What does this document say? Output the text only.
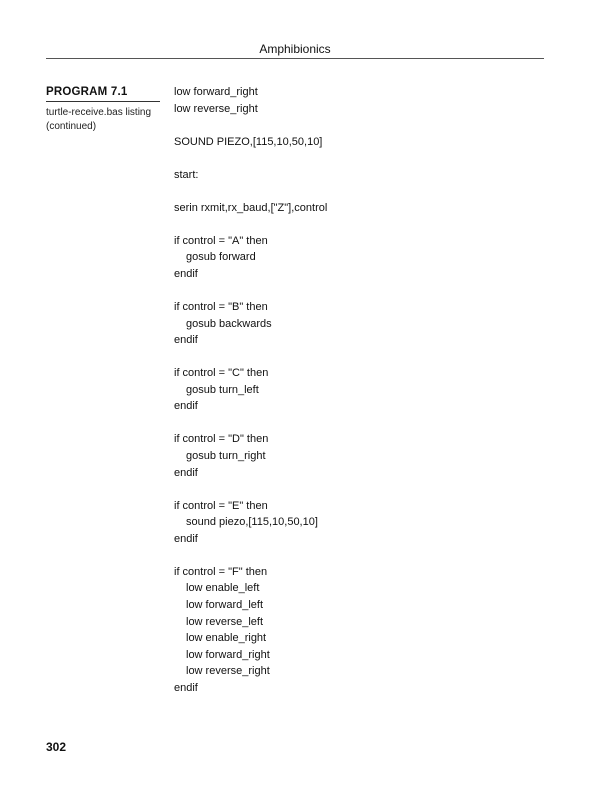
Amphibionics
PROGRAM 7.1
turtle-receive.bas listing (continued)
low forward_right
low reverse_right
SOUND PIEZO,[115,10,50,10]
start:
serin rxmit,rx_baud,["Z"],control
if control = "A" then
gosub forward
endif
if control = "B" then
gosub backwards
endif
if control = "C" then
gosub turn_left
endif
if control = "D" then
gosub turn_right
endif
if control = "E" then
sound piezo,[115,10,50,10]
endif
if control = "F" then
low enable_left
low forward_left
low reverse_left
low enable_right
low forward_right
low reverse_right
endif
302
